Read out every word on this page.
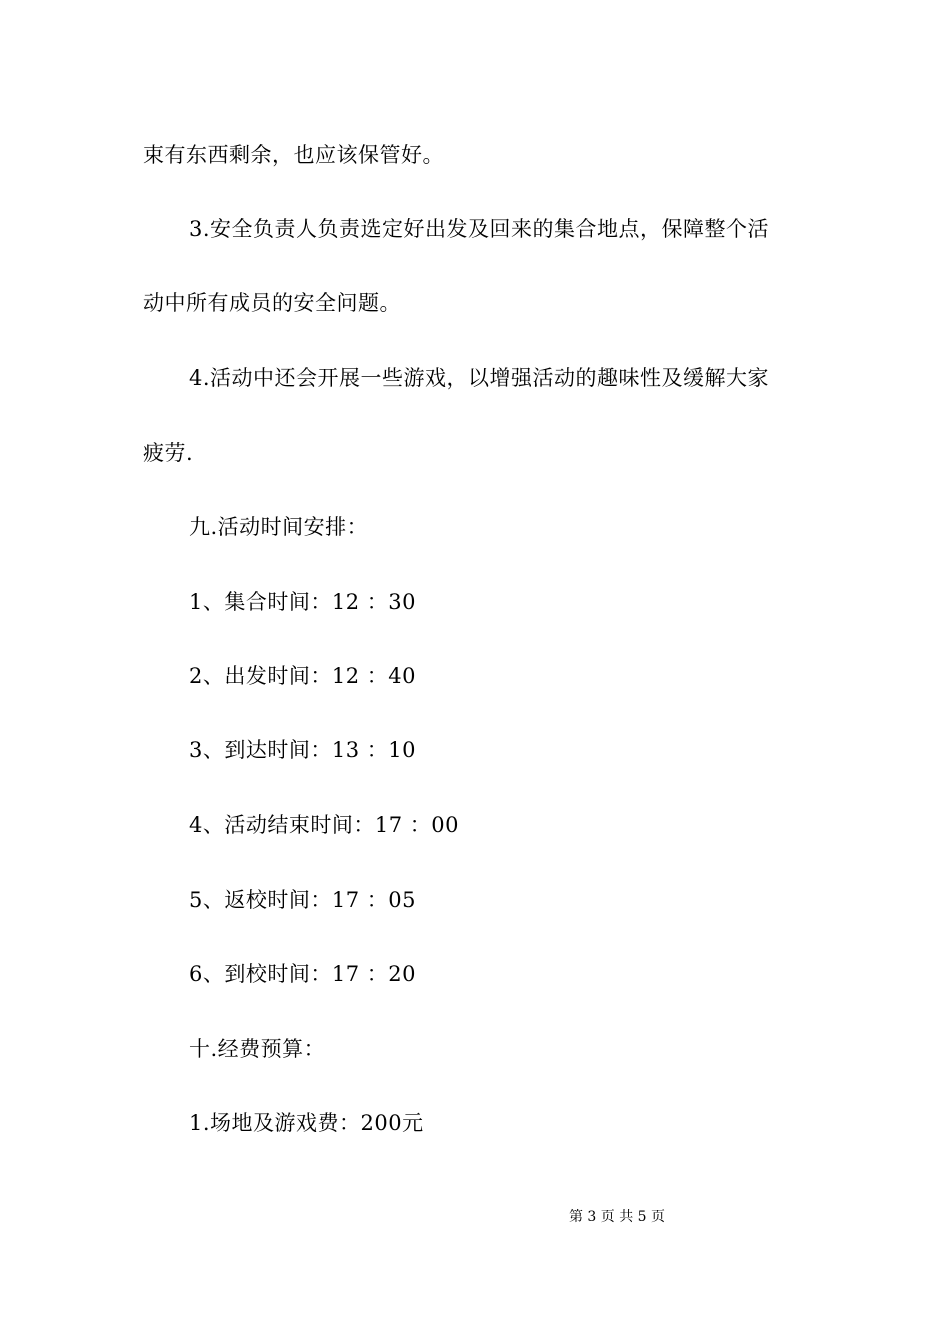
束有东西剩余，也应该保管好。
3.安全负责人负责选定好出发及回来的集合地点，保障整个活
动中所有成员的安全问题。
4.活动中还会开展一些游戏，以增强活动的趣味性及缓解大家
疲劳.
九.活动时间安排：
1、集合时间：12 ：30
2、出发时间：12 ：40
3、到达时间：13 ：10
4、活动结束时间：17 ：00
5、返校时间：17 ：05
6、到校时间：17 ：20
十.经费预算：
1.场地及游戏费：200元
第 3 页 共 5 页
